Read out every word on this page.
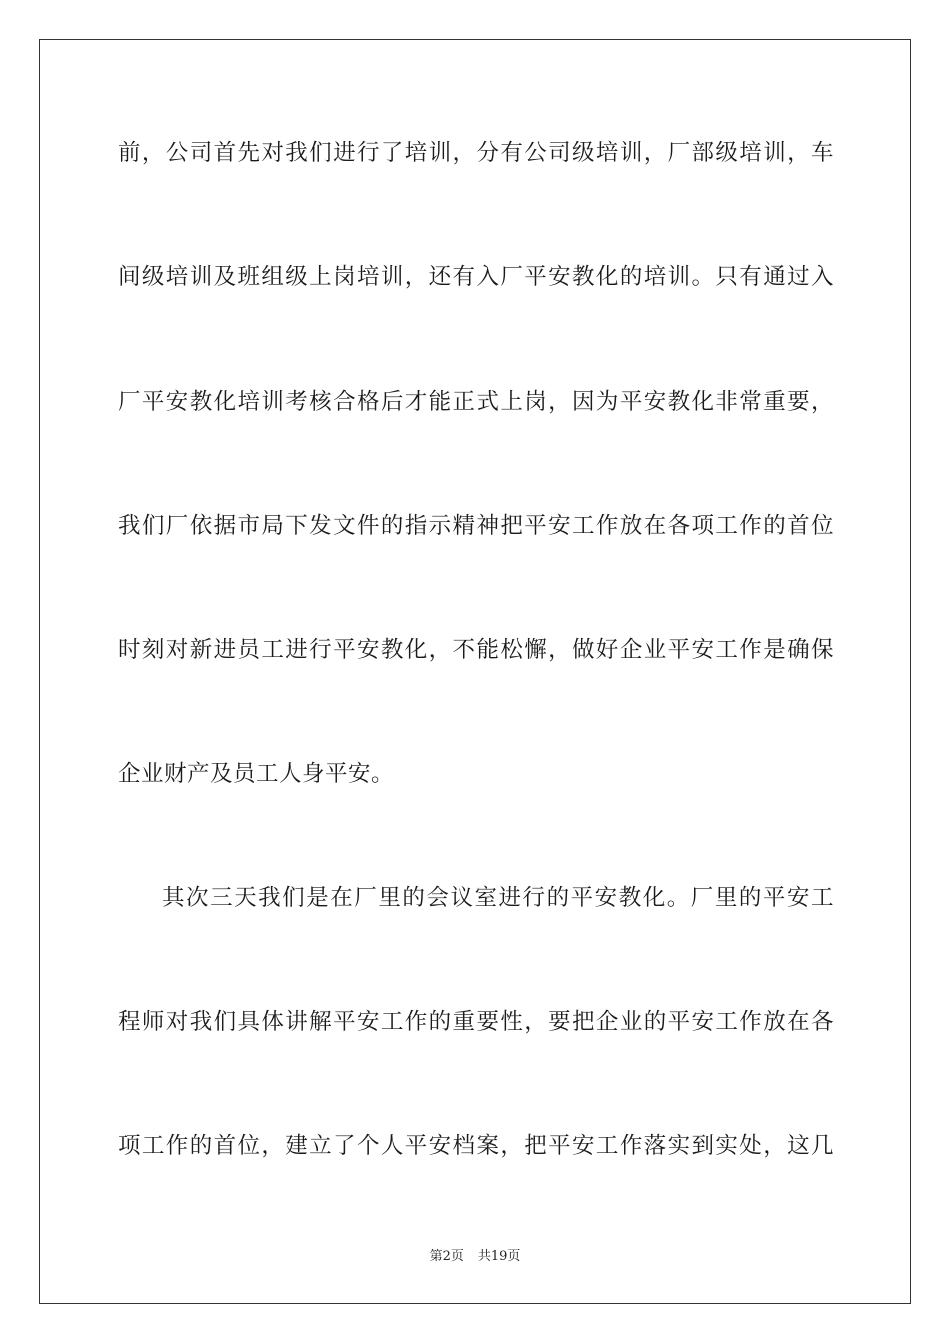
前，公司首先对我们进行了培训，分有公司级培训，厂部级培训，车
间级培训及班组级上岗培训，还有入厂平安教化的培训。只有通过入
厂平安教化培训考核合格后才能正式上岗，因为平安教化非常重要，
我们厂依据市局下发文件的指示精神把平安工作放在各项工作的首位
时刻对新进员工进行平安教化，不能松懈，做好企业平安工作是确保
企业财产及员工人身平安。
其次三天我们是在厂里的会议室进行的平安教化。厂里的平安工
程师对我们具体讲解平安工作的重要性，要把企业的平安工作放在各
项工作的首位，建立了个人平安档案，把平安工作落实到实处，这几
第2页 共19页
